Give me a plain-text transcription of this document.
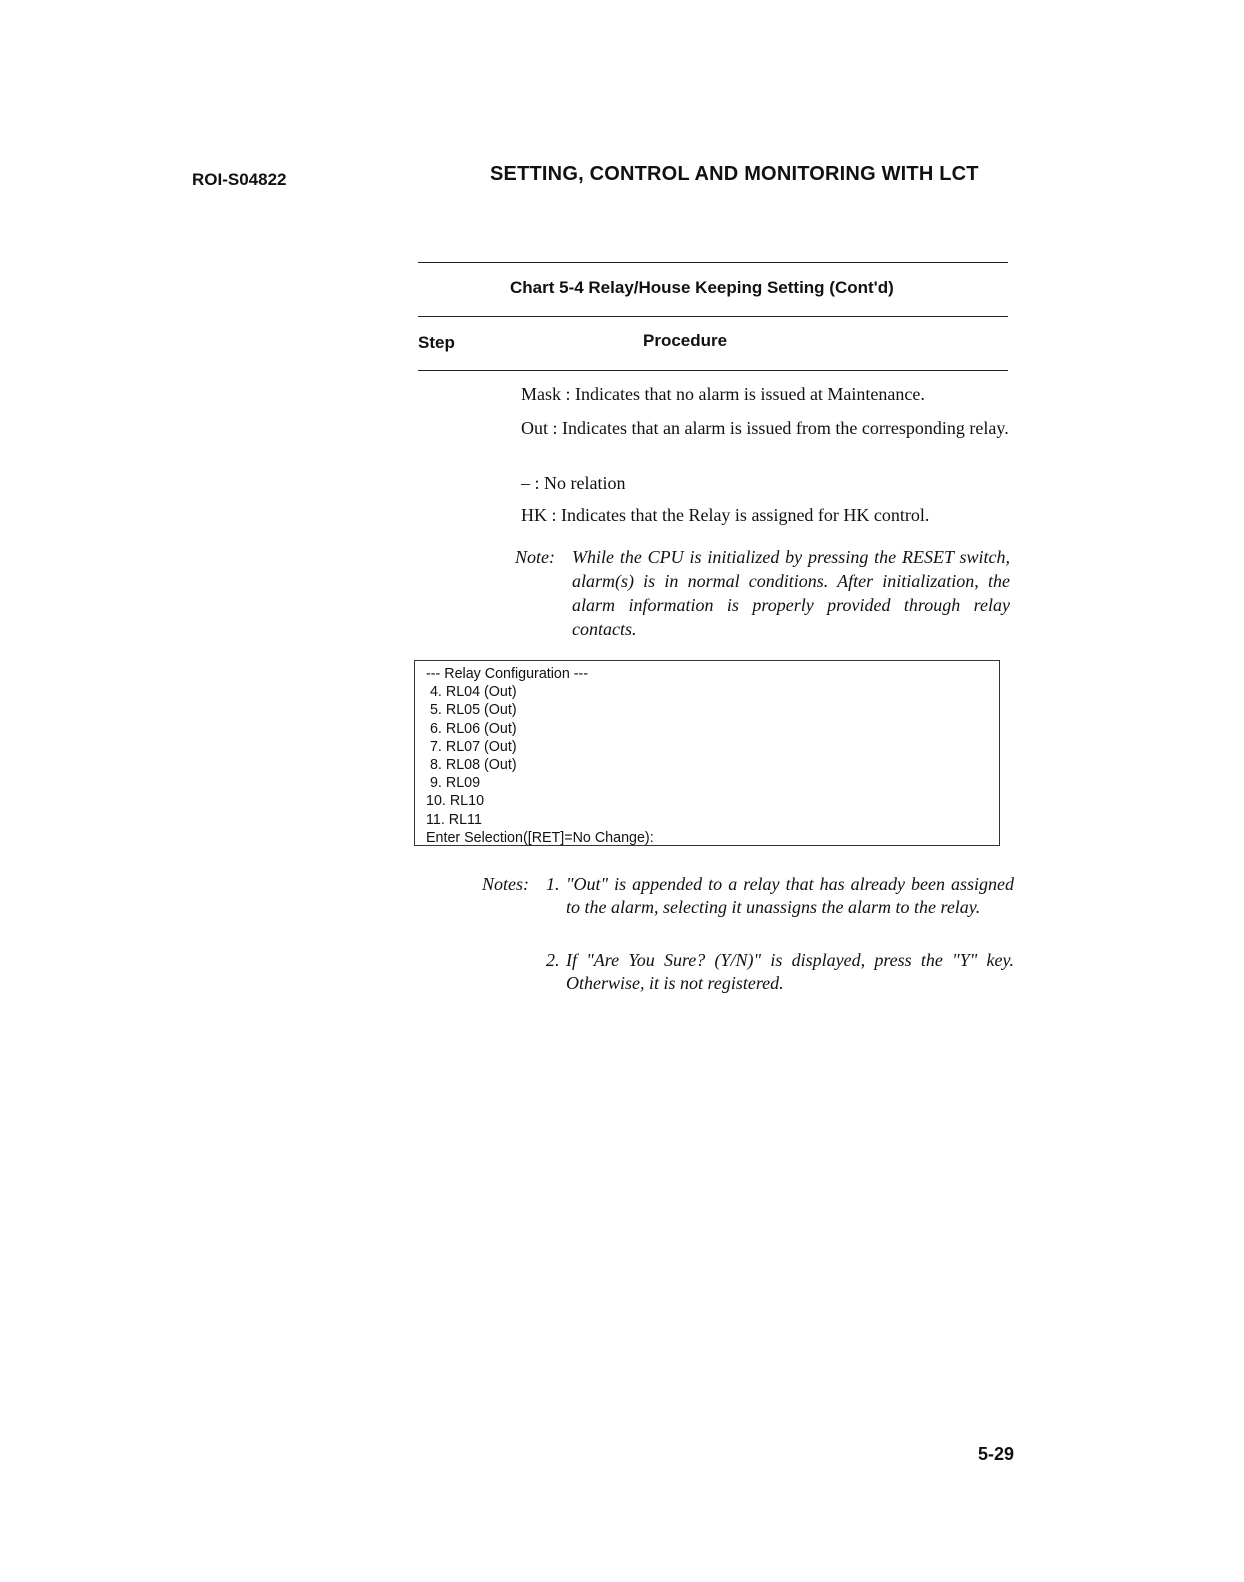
ROI-S04822	SETTING, CONTROL AND MONITORING WITH LCT
Chart 5-4 Relay/House Keeping Setting (Cont'd)
Step	Procedure
Mask : Indicates that no alarm is issued at Maintenance.
Out : Indicates that an alarm is issued from the corresponding relay.
– : No relation
HK : Indicates that the Relay is assigned for HK control.
Note: While the CPU is initialized by pressing the RESET switch, alarm(s) is in normal conditions. After initialization, the alarm information is properly provided through relay contacts.
--- Relay Configuration ---
4. RL04 (Out)
5. RL05 (Out)
6. RL06 (Out)
7. RL07 (Out)
8. RL08 (Out)
9. RL09
10. RL10
11. RL11
Enter Selection([RET]=No Change):
Notes: 1. "Out" is appended to a relay that has already been assigned to the alarm, selecting it unassigns the alarm to the relay.
2. If "Are You Sure? (Y/N)" is displayed, press the "Y" key. Otherwise, it is not registered.
5-29
